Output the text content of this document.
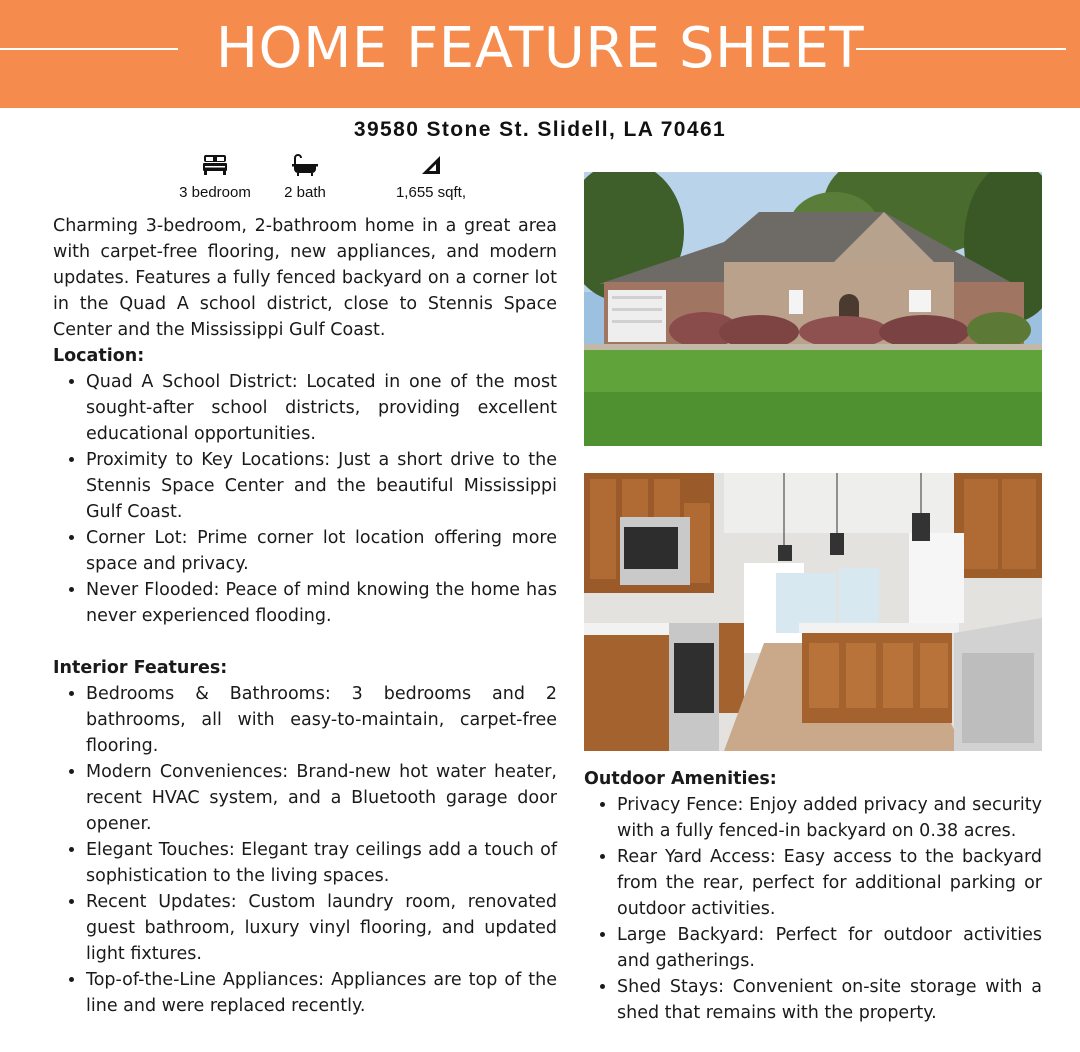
HOME FEATURE SHEET
39580 Stone St. Slidell, LA 70461
3 bedroom	2 bath	1,655 sqft,

Charming 3-bedroom, 2-bathroom home in a great area with carpet-free flooring, new appliances, and modern updates. Features a fully fenced backyard on a corner lot in the Quad A school district, close to Stennis Space Center and the Mississippi Gulf Coast.

Location:
• Quad A School District: Located in one of the most sought-after school districts, providing excellent educational opportunities.
• Proximity to Key Locations: Just a short drive to the Stennis Space Center and the beautiful Mississippi Gulf Coast.
• Corner Lot: Prime corner lot location offering more space and privacy.
• Never Flooded: Peace of mind knowing the home has never experienced flooding.
Interior Features:
• Bedrooms & Bathrooms: 3 bedrooms and 2 bathrooms, all with easy-to-maintain, carpet-free flooring.
• Modern Conveniences: Brand-new hot water heater, recent HVAC system, and a Bluetooth garage door opener.
• Elegant Touches: Elegant tray ceilings add a touch of sophistication to the living spaces.
• Recent Updates: Custom laundry room, renovated guest bathroom, luxury vinyl flooring, and updated light fixtures.
• Top-of-the-Line Appliances: Appliances are top of the line and were replaced recently.
Outdoor Amenities:
• Privacy Fence: Enjoy added privacy and security with a fully fenced-in backyard on 0.38 acres.
• Rear Yard Access: Easy access to the backyard from the rear, perfect for additional parking or outdoor activities.
• Large Backyard: Perfect for outdoor activities and gatherings.
• Shed Stays: Convenient on-site storage with a shed that remains with the property.
